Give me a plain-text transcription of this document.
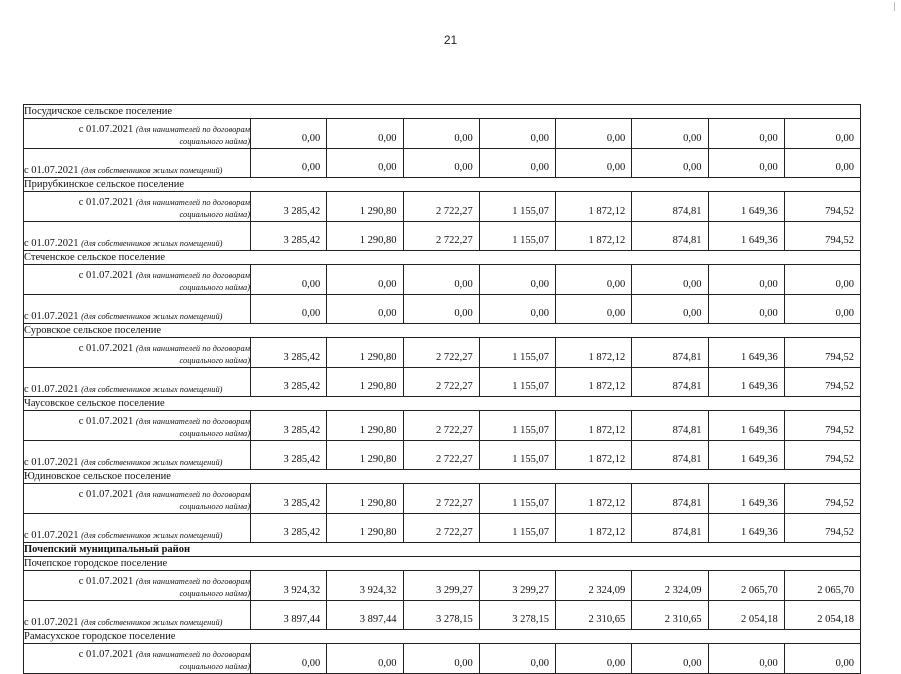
21
Посудичское сельское поселение								

с 01.07.2021 (для нанимателей по договорам
социального найма)	0,00	0,00	0,00	0,00	0,00	0,00	0,00	0,00
с 01.07.2021 (для собственников жилых помещений)	0,00	0,00	0,00	0,00	0,00	0,00	0,00	0,00
Прирубкинское сельское поселение								

с 01.07.2021 (для нанимателей по договорам
социального найма)	3 285,42	1 290,80	2 722,27	1 155,07	1 872,12	874,81	1 649,36	794,52
с 01.07.2021 (для собственников жилых помещений)	3 285,42	1 290,80	2 722,27	1 155,07	1 872,12	874,81	1 649,36	794,52
Стеченское сельское поселение								

с 01.07.2021 (для нанимателей по договорам
социального найма)	0,00	0,00	0,00	0,00	0,00	0,00	0,00	0,00
с 01.07.2021 (для собственников жилых помещений)	0,00	0,00	0,00	0,00	0,00	0,00	0,00	0,00
Суровское сельское поселение								

с 01.07.2021 (для нанимателей по договорам
социального найма)	3 285,42	1 290,80	2 722,27	1 155,07	1 872,12	874,81	1 649,36	794,52
с 01.07.2021 (для собственников жилых помещений)	3 285,42	1 290,80	2 722,27	1 155,07	1 872,12	874,81	1 649,36	794,52
Чаусовское сельское поселение								

с 01.07.2021 (для нанимателей по договорам
социального найма)	3 285,42	1 290,80	2 722,27	1 155,07	1 872,12	874,81	1 649,36	794,52
с 01.07.2021 (для собственников жилых помещений)	3 285,42	1 290,80	2 722,27	1 155,07	1 872,12	874,81	1 649,36	794,52
Юдиновское сельское поселение								

с 01.07.2021 (для нанимателей по договорам
социального найма)	3 285,42	1 290,80	2 722,27	1 155,07	1 872,12	874,81	1 649,36	794,52
с 01.07.2021 (для собственников жилых помещений)	3 285,42	1 290,80	2 722,27	1 155,07	1 872,12	874,81	1 649,36	794,52
Почепский муниципальный район								
Почепское городское поселение								

с 01.07.2021 (для нанимателей по договорам
социального найма)	3 924,32	3 924,32	3 299,27	3 299,27	2 324,09	2 324,09	2 065,70	2 065,70
с 01.07.2021 (для собственников жилых помещений)	3 897,44	3 897,44	3 278,15	3 278,15	2 310,65	2 310,65	2 054,18	2 054,18
Рамасухское городское поселение								

с 01.07.2021 (для нанимателей по договорам
социального найма)	0,00	0,00	0,00	0,00	0,00	0,00	0,00	0,00
